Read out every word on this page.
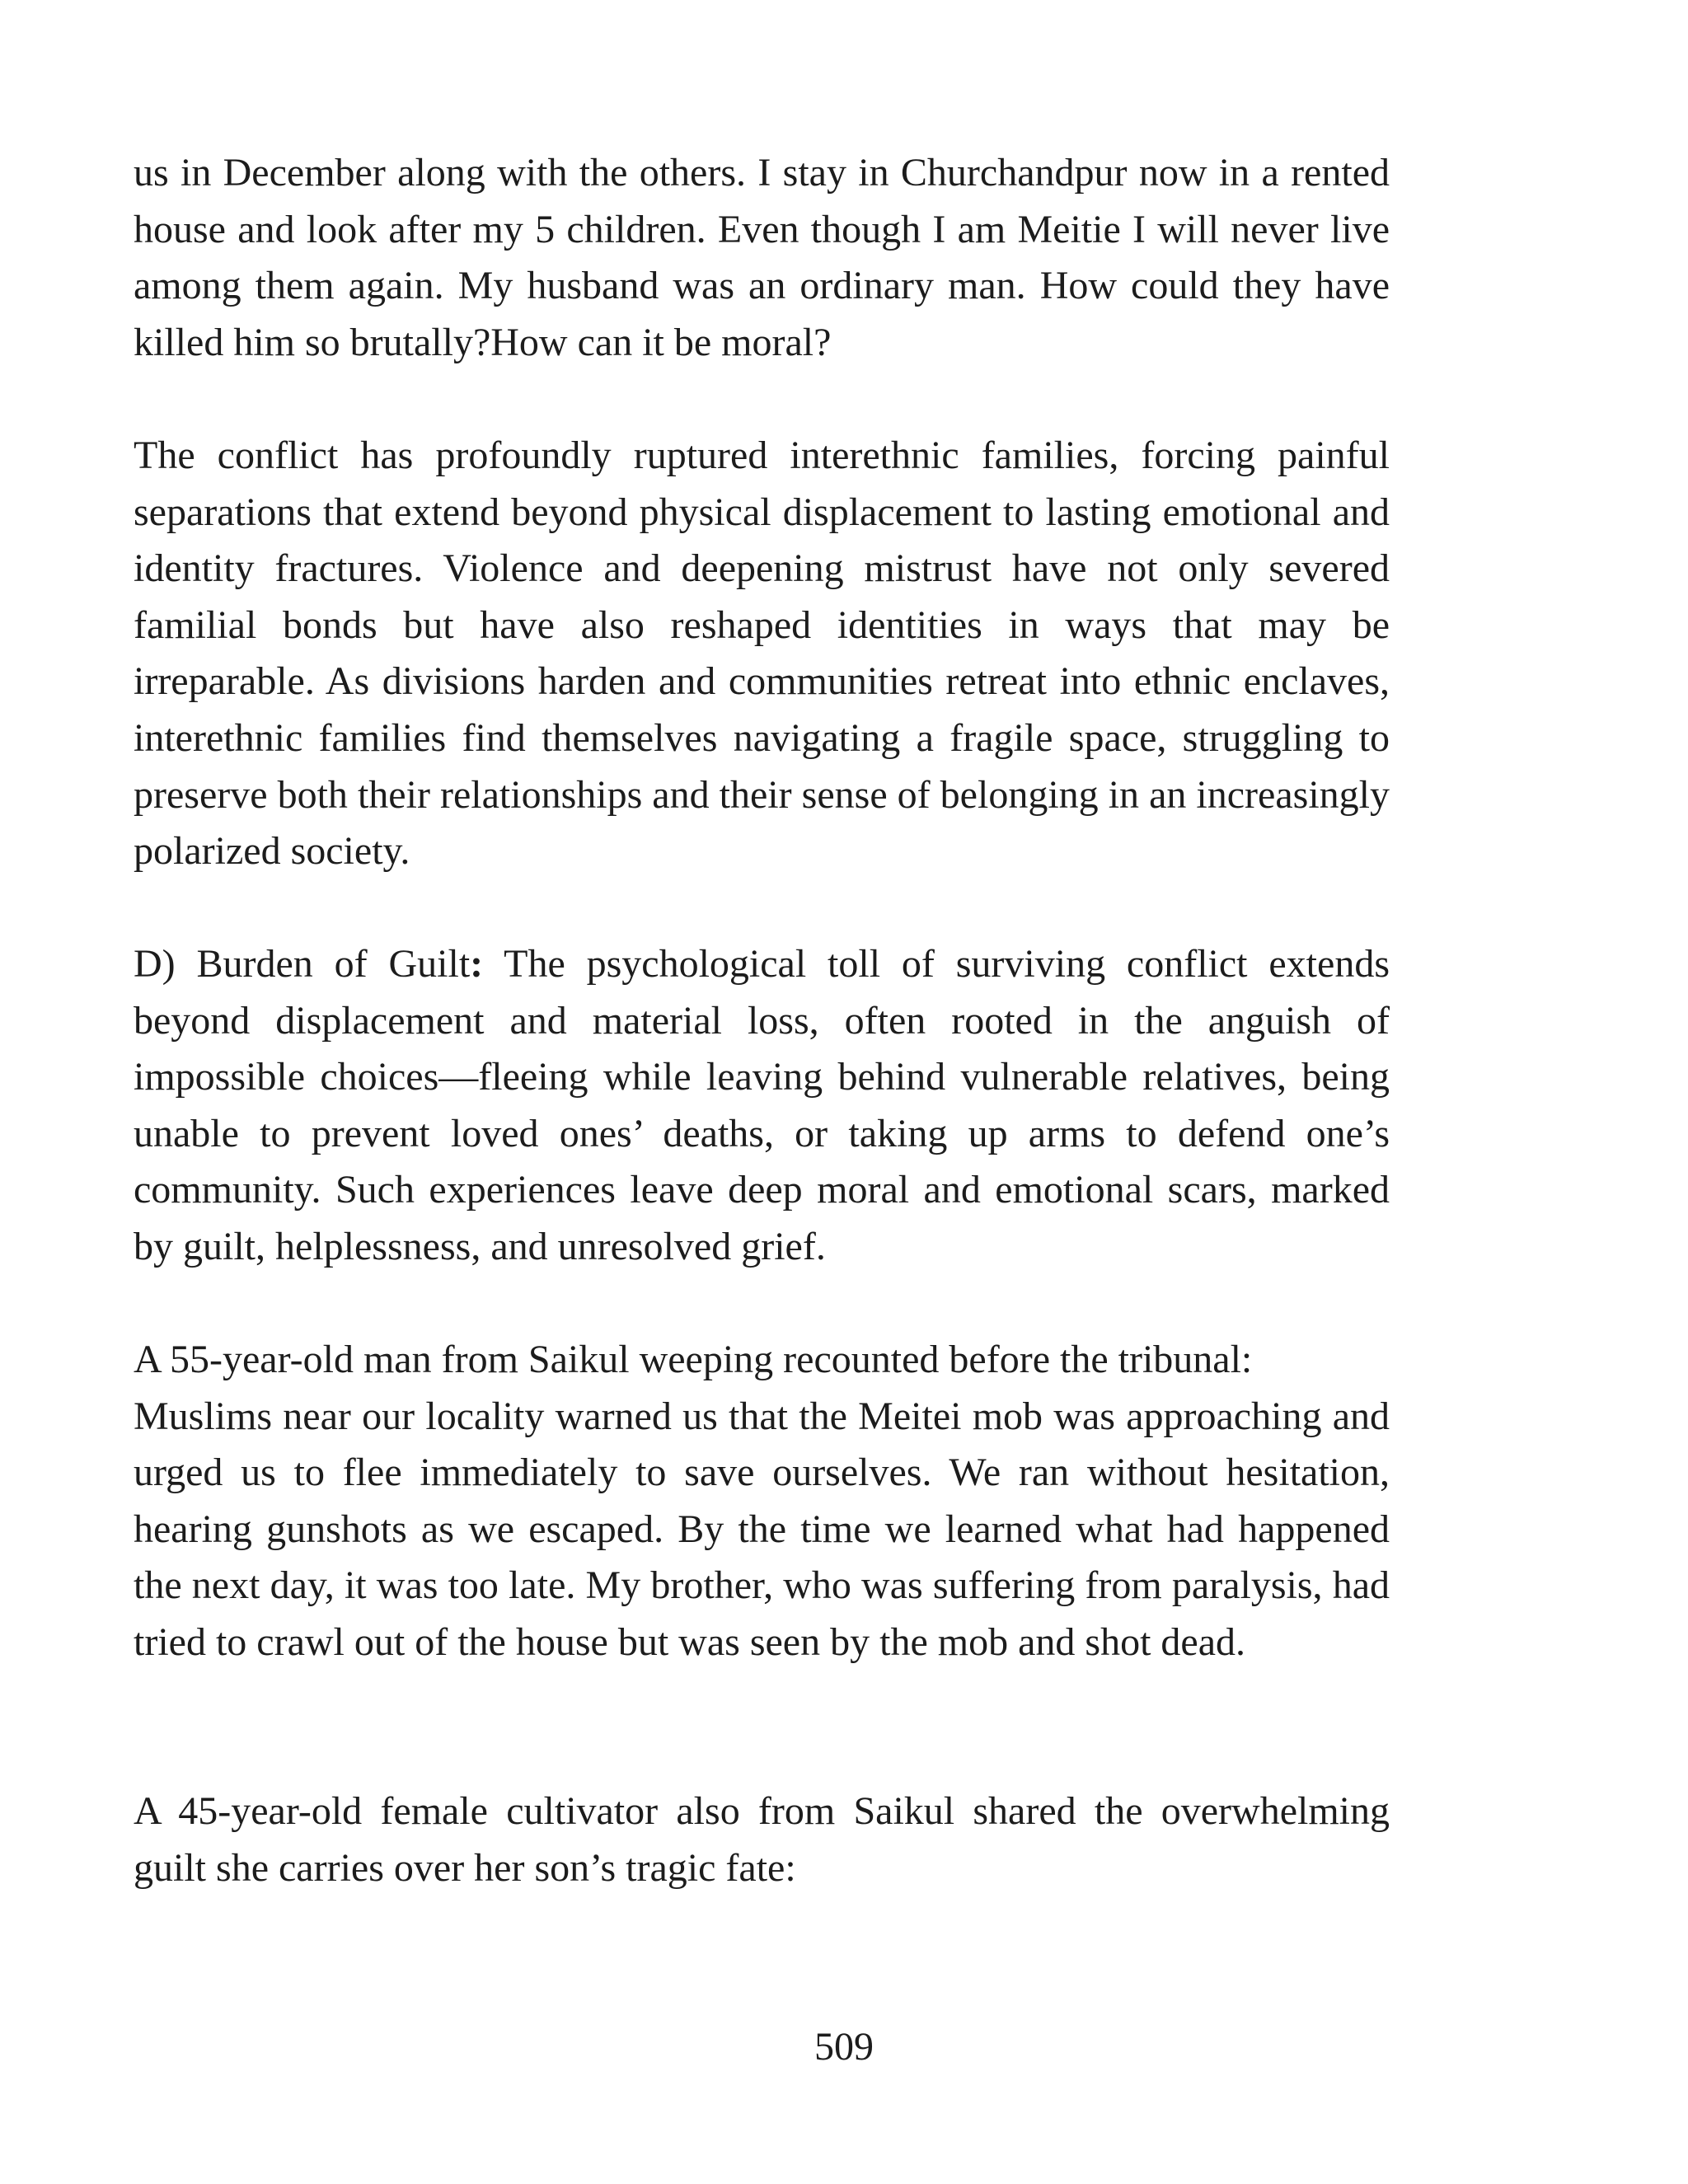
us in December along with the others. I stay in Churchandpur now in a rented house and look after my 5 children. Even though I am Meitie I will never live among them again. My husband was an ordinary man. How could they have killed him so brutally?How can it be moral?

The conflict has profoundly ruptured interethnic families, forcing painful separations that extend beyond physical displacement to lasting emotional and identity fractures. Violence and deepening mistrust have not only severed familial bonds but have also reshaped identities in ways that may be irreparable. As divisions harden and communities retreat into ethnic enclaves, interethnic families find themselves navigating a fragile space, struggling to preserve both their relationships and their sense of belonging in an increasingly polarized society.

D) Burden of Guilt: The psychological toll of surviving conflict extends beyond displacement and material loss, often rooted in the anguish of impossible choices—fleeing while leaving behind vulnerable relatives, being unable to prevent loved ones’ deaths, or taking up arms to defend one’s community. Such experiences leave deep moral and emotional scars, marked by guilt, helplessness, and unresolved grief.

A 55-year-old man from Saikul weeping recounted before the tribunal:
Muslims near our locality warned us that the Meitei mob was approaching and urged us to flee immediately to save ourselves. We ran without hesitation, hearing gunshots as we escaped. By the time we learned what had happened the next day, it was too late. My brother, who was suffering from paralysis, had tried to crawl out of the house but was seen by the mob and shot dead.

A 45-year-old female cultivator also from Saikul shared the overwhelming guilt she carries over her son’s tragic fate:

509
